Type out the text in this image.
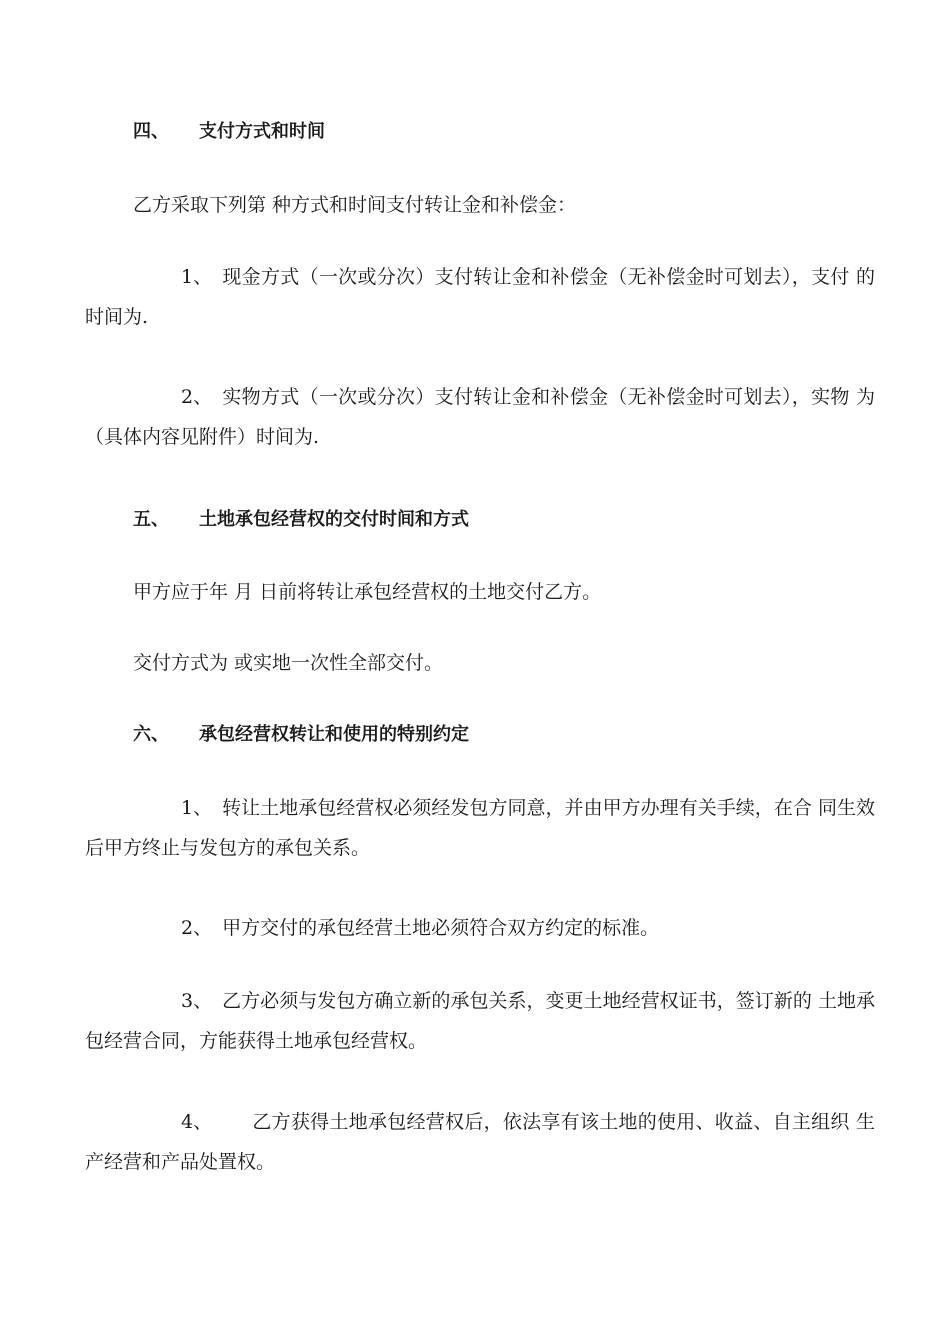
四、 支付方式和时间
乙方采取下列第 种方式和时间支付转让金和补偿金：
1、 现金方式（一次或分次）支付转让金和补偿金（无补偿金时可划去），支付 的时间为.
2、 实物方式（一次或分次）支付转让金和补偿金（无补偿金时可划去），实物 为（具体内容见附件）时间为.
五、 土地承包经营权的交付时间和方式
甲方应于年 月 日前将转让承包经营权的土地交付乙方。
交付方式为 或实地一次性全部交付。
六、 承包经营权转让和使用的特别约定
1、 转让土地承包经营权必须经发包方同意，并由甲方办理有关手续，在合 同生效后甲方终止与发包方的承包关系。
2、 甲方交付的承包经营土地必须符合双方约定的标准。
3、 乙方必须与发包方确立新的承包关系，变更土地经营权证书，签订新的 土地承包经营合同，方能获得土地承包经营权。
4、 乙方获得土地承包经营权后，依法享有该土地的使用、收益、自主组织 生产经营和产品处置权。
